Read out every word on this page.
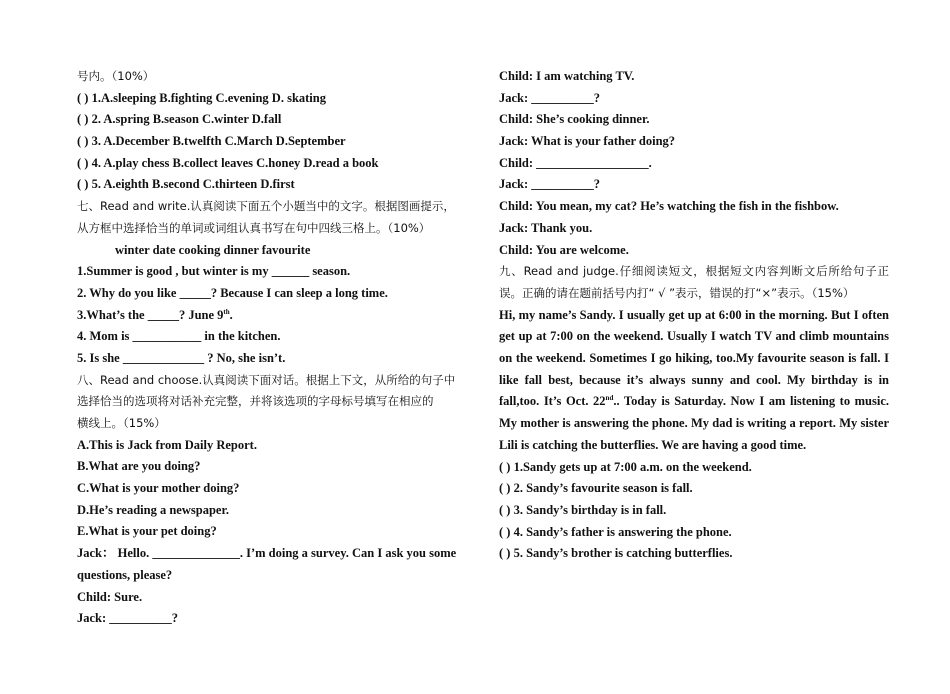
号内。（10%）
( ) 1.A.sleeping B.fighting C.evening D. skating
( ) 2. A.spring B.season C.winter D.fall
( ) 3. A.December B.twelfth C.March D.September
( ) 4. A.play chess B.collect leaves C.honey D.read a book
( ) 5. A.eighth B.second C.thirteen D.first
七、Read and write.认真阅读下面五个小题当中的文字。根据图画提示，
从方框中选择恰当的单词或词组认真书写在句中四线三格上。（10%）
winter date cooking dinner favourite
1.Summer is good , but winter is my ______ season.
2. Why do you like _____? Because I can sleep a long time.
3.What’s the _____? June 9th.
4. Mom is ___________ in the kitchen.
5. Is she _____________ ? No, she isn’t.
八、Read and choose.认真阅读下面对话。根据上下文，从所给的句子中
选择恰当的选项将对话补充完整，并将该选项的字母标号填写在相应的
横线上。（15%）
A.This is Jack from Daily Report.
B.What are you doing?
C.What is your mother doing?
D.He’s reading a newspaper.
E.What is your pet doing?
Jack： Hello. ______________. I’m doing a survey. Can I ask you some
questions, please?
Child: Sure.
Jack: __________?
Child: I am watching TV.
Jack: __________?
Child: She’s cooking dinner.
Jack: What is your father doing?
Child: __________________.
Jack: __________?
Child: You mean, my cat? He’s watching the fish in the fishbow.
Jack: Thank you.
Child: You are welcome.
九、Read and judge.仔细阅读短文，根据短文内容判断文后所给句子正误。正确的请在题前括号内打“ √ ”表示，错误的打“×”表示。（15%）
Hi, my name’s Sandy. I usually get up at 6:00 in the morning. But I often get up at 7:00 on the weekend. Usually I watch TV and climb mountains on the weekend. Sometimes I go hiking, too.My favourite season is fall. I like fall best, because it’s always sunny and cool. My birthday is in fall,too. It’s Oct. 22nd.. Today is Saturday. Now I am listening to music. My mother is answering the phone. My dad is writing a report. My sister Lili is catching the butterflies. We are having a good time.
( ) 1.Sandy gets up at 7:00 a.m. on the weekend.
( ) 2. Sandy’s favourite season is fall.
( ) 3. Sandy’s birthday is in fall.
( ) 4. Sandy’s father is answering the phone.
( ) 5. Sandy’s brother is catching butterflies.
